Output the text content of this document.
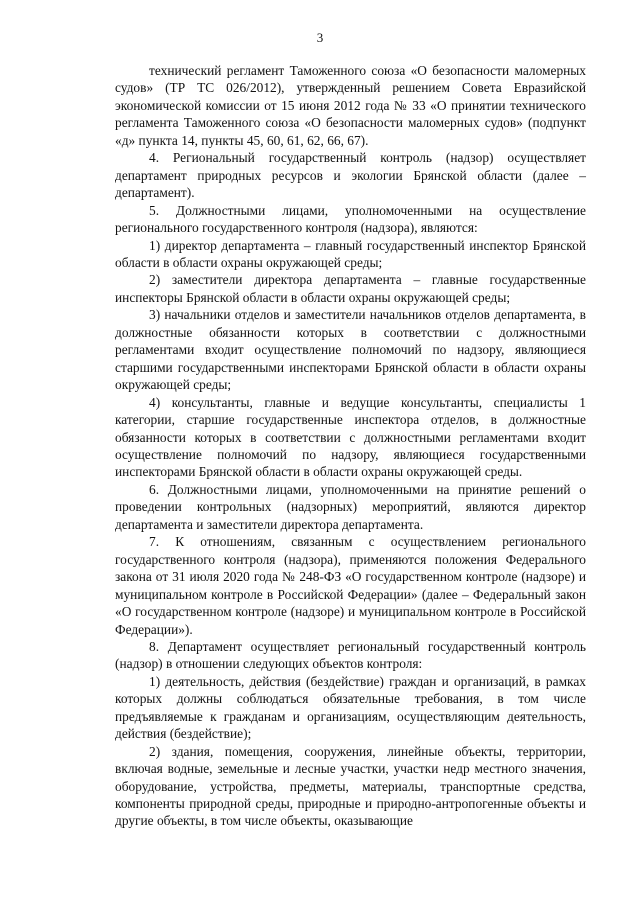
3

технический регламент Таможенного союза «О безопасности маломерных судов» (ТР ТС 026/2012), утвержденный решением Совета Евразийской экономической комиссии от 15 июня 2012 года № 33 «О принятии технического регламента Таможенного союза «О безопасности маломерных судов» (подпункт «д» пункта 14, пункты 45, 60, 61, 62, 66, 67).

4. Региональный государственный контроль (надзор) осуществляет департамент природных ресурсов и экологии Брянской области (далее – департамент).

5. Должностными лицами, уполномоченными на осуществление регионального государственного контроля (надзора), являются:

1) директор департамента – главный государственный инспектор Брянской области в области охраны окружающей среды;

2) заместители директора департамента – главные государственные инспекторы Брянской области в области охраны окружающей среды;

3) начальники отделов и заместители начальников отделов департамента, в должностные обязанности которых в соответствии с должностными регламентами входит осуществление полномочий по надзору, являющиеся старшими государственными инспекторами Брянской области в области охраны окружающей среды;

4) консультанты, главные и ведущие консультанты, специалисты 1 категории, старшие государственные инспектора отделов, в должностные обязанности которых в соответствии с должностными регламентами входит осуществление полномочий по надзору, являющиеся государственными инспекторами Брянской области в области охраны окружающей среды.

6. Должностными лицами, уполномоченными на принятие решений о проведении контрольных (надзорных) мероприятий, являются директор департамента и заместители директора департамента.

7. К отношениям, связанным с осуществлением регионального государственного контроля (надзора), применяются положения Федерального закона от 31 июля 2020 года № 248-ФЗ «О государственном контроле (надзоре) и муниципальном контроле в Российской Федерации» (далее – Федеральный закон «О государственном контроле (надзоре) и муниципальном контроле в Российской Федерации»).

8. Департамент осуществляет региональный государственный контроль (надзор) в отношении следующих объектов контроля:

1) деятельность, действия (бездействие) граждан и организаций, в рамках которых должны соблюдаться обязательные требования, в том числе предъявляемые к гражданам и организациям, осуществляющим деятельность, действия (бездействие);

2) здания, помещения, сооружения, линейные объекты, территории, включая водные, земельные и лесные участки, участки недр местного значения, оборудование, устройства, предметы, материалы, транспортные средства, компоненты природной среды, природные и природно-антропогенные объекты и другие объекты, в том числе объекты, оказывающие
